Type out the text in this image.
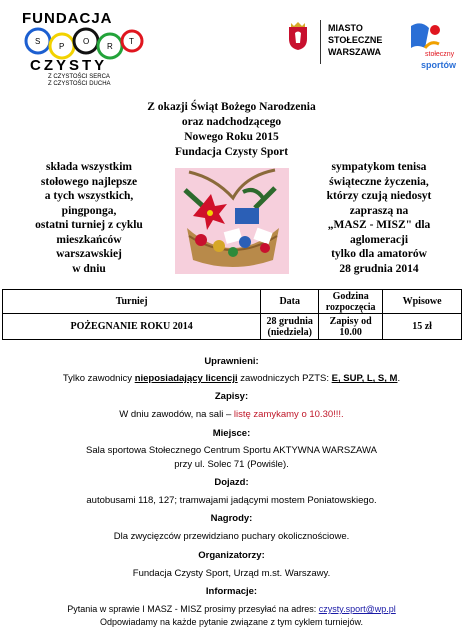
FUNDACJA
S
P
O
R
T
CZYSTY
Z CZYSTOŚCI SERCA
Z CZYSTOŚCI DUCHA
MIASTO
STOŁECZNE
WARSZAWA	stołeczny
sportów
Z okazji Świąt Bożego Narodzenia
oraz nadchodzącego
Nowego Roku 2015
Fundacja Czysty Sport
składa wszystkim
stołowego najlepsze
a tych wszystkich,
pingponga,
ostatni turniej z cyklu
mieszkańców
warszawskiej
w dniu
sympatykom tenisa
świąteczne życzenia,
którzy czują niedosyt
zapraszą na
„MASZ - MISZ" dla
aglomeracji
tylko dla amatorów
28 grudnia 2014
Turniej	Data	Godzina rozpoczęcia	Wpisowe
POŻEGNANIE ROKU 2014	28 grudnia (niedziela)	Zapisy od 10.00	15 zł
Uprawnieni:
Tylko zawodnicy nieposiadający licencji zawodniczych PZTS: E, SUP, L, S, M.
Zapisy:
W dniu zawodów, na sali – listę zamykamy o 10.30!!!.
Miejsce:
Sala sportowa Stołecznego Centrum Sportu AKTYWNA WARSZAWA
przy ul. Solec 71 (Powiśle).
Dojazd:
autobusami 118, 127; tramwajami jadącymi mostem Poniatowskiego.
Nagrody:
Dla zwycięzców przewidziano puchary okolicznościowe.
Organizatorzy:
Fundacja Czysty Sport, Urząd m.st. Warszawy.
Informacje:
Pytania w sprawie I MASZ - MISZ prosimy przesyłać na adres: czysty.sport@wp.pl
Odpowiadamy na każde pytanie związane z tym cyklem turniejów.
